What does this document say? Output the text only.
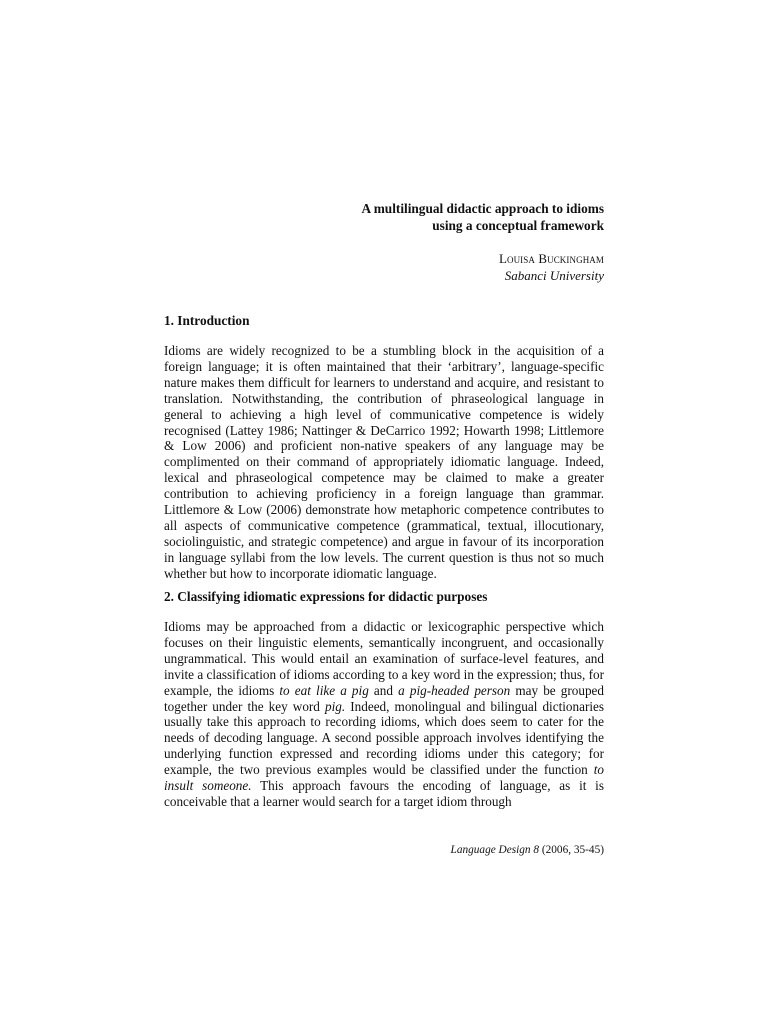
A multilingual didactic approach to idioms

using a conceptual framework

Louisa Buckingham
Sabanci University
1. Introduction

Idioms are widely recognized to be a stumbling block in the acquisition of a foreign language; it is often maintained that their ‘arbitrary’, language-specific nature makes them difficult for learners to understand and acquire, and resistant to translation. Notwithstanding, the contribution of phraseological language in general to achieving a high level of communicative competence is widely recognised (Lattey 1986; Nattinger & DeCarrico 1992; Howarth 1998; Littlemore & Low 2006) and proficient non-native speakers of any language may be complimented on their command of appropriately idiomatic language. Indeed, lexical and phraseological competence may be claimed to make a greater contribution to achieving proficiency in a foreign language than grammar. Littlemore & Low (2006) demonstrate how metaphoric competence contributes to all aspects of communicative competence (grammatical, textual, illocutionary, sociolinguistic, and strategic competence) and argue in favour of its incorporation in language syllabi from the low levels. The current question is thus not so much whether but how to incorporate idiomatic language.

2. Classifying idiomatic expressions for didactic purposes

Idioms may be approached from a didactic or lexicographic perspective which focuses on their linguistic elements, semantically incongruent, and occasionally ungrammatical. This would entail an examination of surface-level features, and invite a classification of idioms according to a key word in the expression; thus, for example, the idioms to eat like a pig and a pig-headed person may be grouped together under the key word pig. Indeed, monolingual and bilingual dictionaries usually take this approach to recording idioms, which does seem to cater for the needs of decoding language. A second possible approach involves identifying the underlying function expressed and recording idioms under this category; for example, the two previous examples would be classified under the function to insult someone. This approach favours the encoding of language, as it is conceivable that a learner would search for a target idiom through

Language Design 8 (2006, 35-45)
